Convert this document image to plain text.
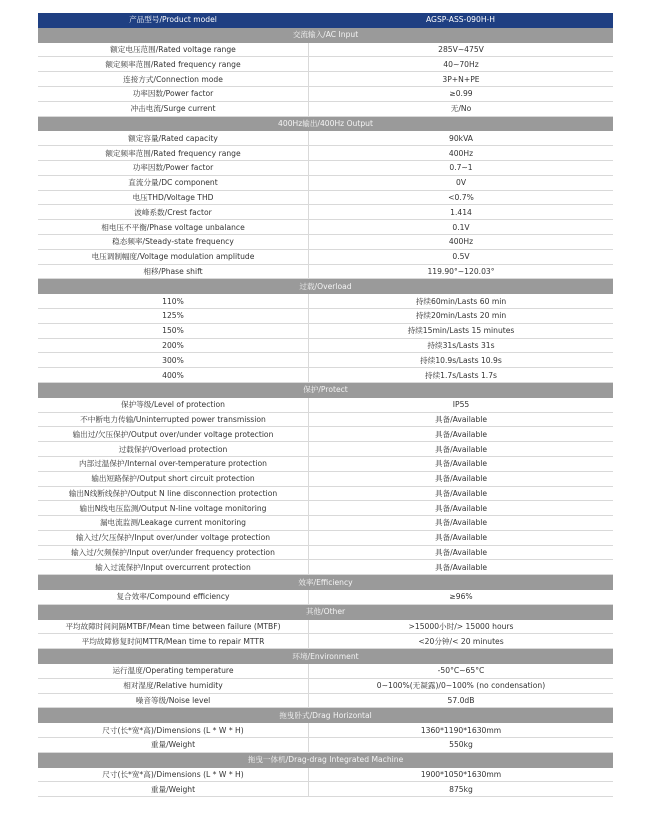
产品型号/Product model	AGSP-ASS-090H-H
交流输入/AC Input
额定电压范围/Rated voltage range	285V~475V
额定频率范围/Rated frequency range	40~70Hz
连接方式/Connection mode	3P+N+PE
功率因数/Power factor	≥0.99
冲击电流/Surge current	无/No
400Hz输出/400Hz Output
额定容量/Rated capacity	90kVA
额定频率范围/Rated frequency range	400Hz
功率因数/Power factor	0.7~1
直流分量/DC component	0V
电压THD/Voltage THD	<0.7%
波峰系数/Crest factor	1.414
相电压不平衡/Phase voltage unbalance	0.1V
稳态频率/Steady-state frequency	400Hz
电压调制幅度/Voltage modulation amplitude	0.5V
相移/Phase shift	119.90°~120.03°
过载/Overload
110%	持续60min/Lasts 60 min
125%	持续20min/Lasts 20 min
150%	持续15min/Lasts 15 minutes
200%	持续31s/Lasts 31s
300%	持续10.9s/Lasts 10.9s
400%	持续1.7s/Lasts 1.7s
保护/Protect
保护等级/Level of protection	IP55
不中断电力传输/Uninterrupted power transmission	具备/Available
输出过/欠压保护/Output over/under voltage protection	具备/Available
过载保护/Overload protection	具备/Available
内部过温保护/Internal over-temperature protection	具备/Available
输出短路保护/Output short circuit protection	具备/Available
输出N线断线保护/Output N line disconnection protection	具备/Available
输出N线电压监测/Output N-line voltage monitoring	具备/Available
漏电流监测/Leakage current monitoring	具备/Available
输入过/欠压保护/Input over/under voltage protection	具备/Available
输入过/欠频保护/Input over/under frequency protection	具备/Available
输入过流保护/Input overcurrent protection	具备/Available
效率/Efficiency
复合效率/Compound efficiency	≥96%
其他/Other
平均故障时间间隔MTBF/Mean time between failure (MTBF)	>15000小时/> 15000 hours
平均故障修复时间MTTR/Mean time to repair MTTR	<20分钟/< 20 minutes
环境/Environment
运行温度/Operating temperature	-50°C~65°C
相对湿度/Relative humidity	0~100%(无凝露)/0~100% (no condensation)
噪音等级/Noise level	57.0dB
拖曳卧式/Drag Horizontal
尺寸(长*宽*高)/Dimensions (L * W * H)	1360*1190*1630mm
重量/Weight	550kg
拖曳一体机/Drag-drag Integrated Machine
尺寸(长*宽*高)/Dimensions (L * W * H)	1900*1050*1630mm
重量/Weight	875kg
